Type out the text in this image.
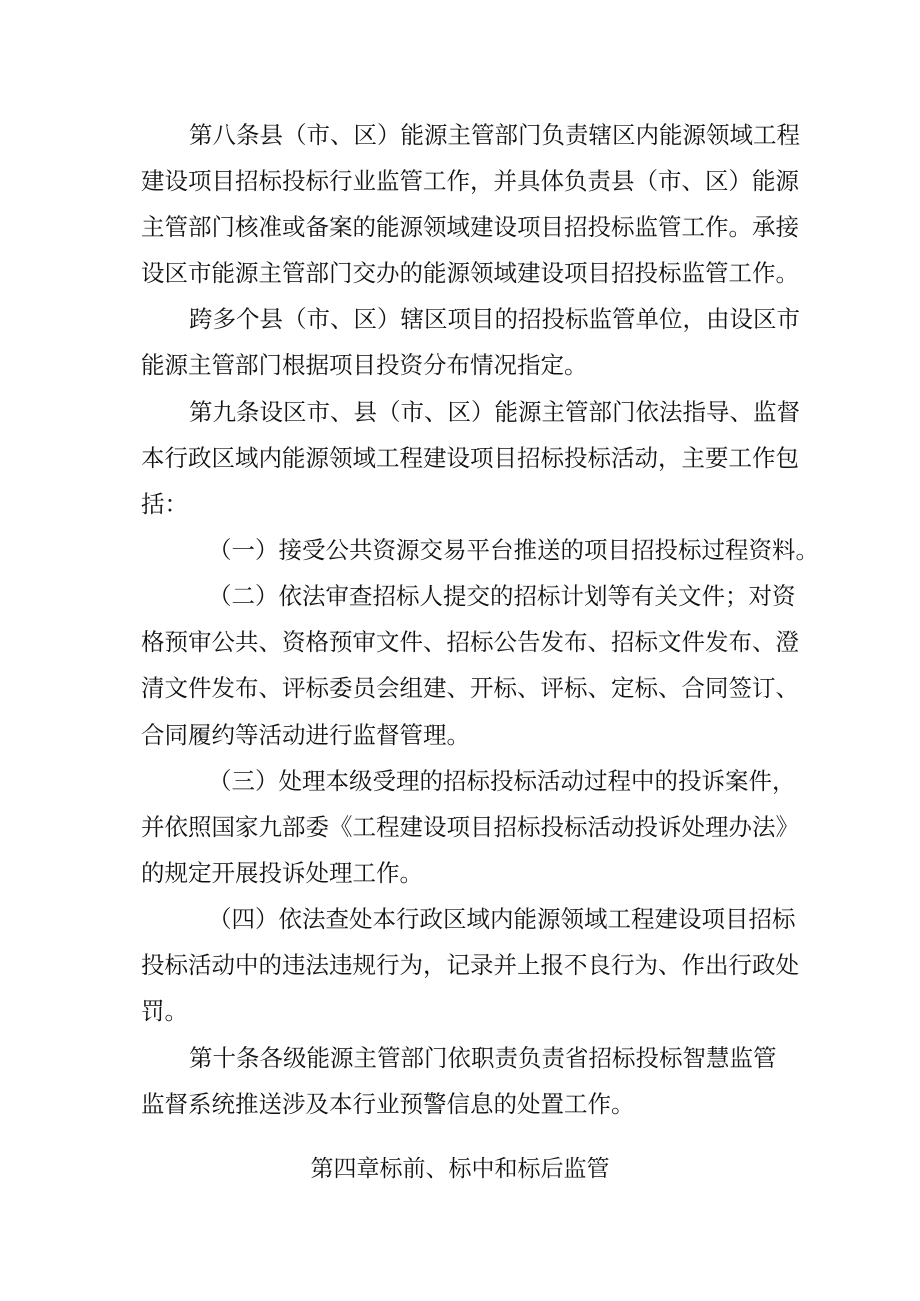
第八条县（市、区）能源主管部门负责辖区内能源领域工程
建设项目招标投标行业监管工作，并具体负责县（市、区）能源
主管部门核准或备案的能源领域建设项目招投标监管工作。承接
设区市能源主管部门交办的能源领域建设项目招投标监管工作。
跨多个县（市、区）辖区项目的招投标监管单位，由设区市
能源主管部门根据项目投资分布情况指定。
第九条设区市、县（市、区）能源主管部门依法指导、监督
本行政区域内能源领域工程建设项目招标投标活动，主要工作包
括：
（一）接受公共资源交易平台推送的项目招投标过程资料。
（二）依法审查招标人提交的招标计划等有关文件；对资
格预审公共、资格预审文件、招标公告发布、招标文件发布、澄
清文件发布、评标委员会组建、开标、评标、定标、合同签订、
合同履约等活动进行监督管理。
（三）处理本级受理的招标投标活动过程中的投诉案件，
并依照国家九部委《工程建设项目招标投标活动投诉处理办法》
的规定开展投诉处理工作。
（四）依法查处本行政区域内能源领域工程建设项目招标
投标活动中的违法违规行为，记录并上报不良行为、作出行政处
罚。
第十条各级能源主管部门依职责负责省招标投标智慧监管
监督系统推送涉及本行业预警信息的处置工作。
第四章标前、标中和标后监管
